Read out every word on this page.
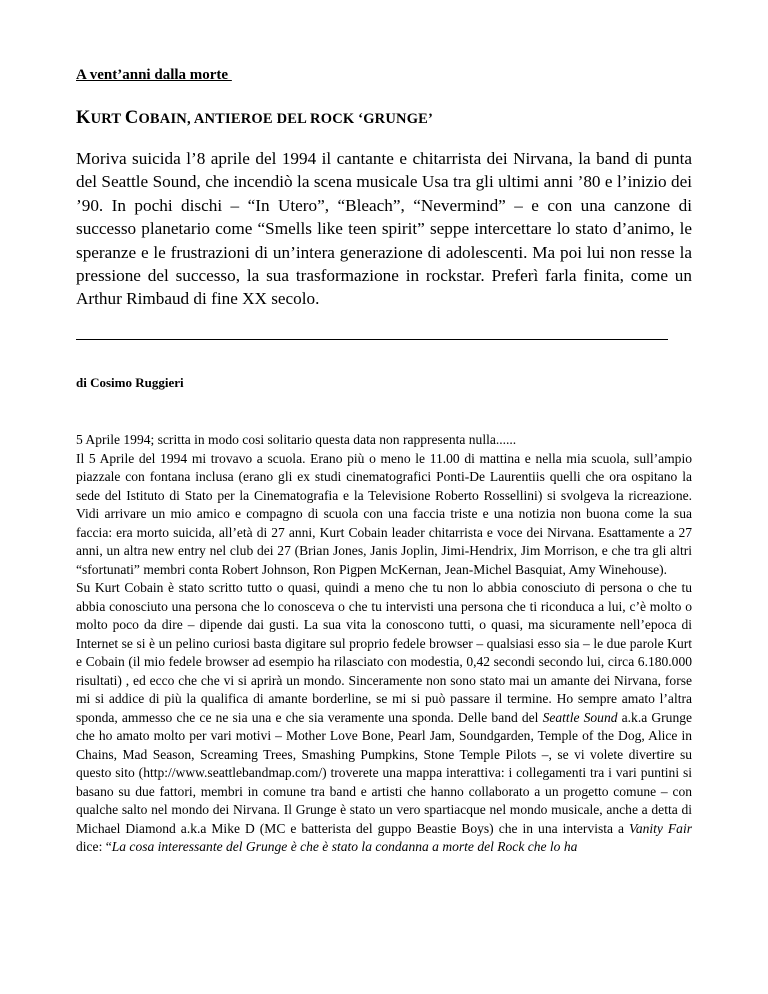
A vent’anni dalla morte
KURT COBAIN, ANTIEROE DEL ROCK ‘GRUNGE’
Moriva suicida l’8 aprile del 1994 il cantante e chitarrista dei Nirvana, la band di punta del Seattle Sound, che incendiò la scena musicale Usa tra gli ultimi anni ’80 e l’inizio dei ’90. In pochi dischi – “In Utero”, “Bleach”, “Nevermind” – e con una canzone di successo planetario come “Smells like teen spirit” seppe intercettare lo stato d’animo, le speranze e le frustrazioni di un’intera generazione di adolescenti. Ma poi lui non resse la pressione del successo, la sua trasformazione in rockstar. Preferì farla finita, come un Arthur Rimbaud di fine XX secolo.
di Cosimo Ruggieri

5 Aprile 1994; scritta in modo cosi solitario questa data non rappresenta nulla......

Il 5 Aprile del 1994 mi trovavo a scuola. Erano più o meno le 11.00 di mattina e nella mia scuola, sull’ampio piazzale con fontana inclusa (erano gli ex studi cinematografici Ponti-De Laurentiis quelli che ora ospitano la sede del Istituto di Stato per la Cinematografia e la Televisione Roberto Rossellini) si svolgeva la ricreazione. Vidi arrivare un mio amico e compagno di scuola con una faccia triste e una notizia non buona come la sua faccia: era morto suicida, all’età di 27 anni, Kurt Cobain leader chitarrista e voce dei Nirvana. Esattamente a 27 anni, un altra new entry nel club dei 27 (Brian Jones, Janis Joplin, Jimi-Hendrix, Jim Morrison, e che tra gli altri “sfortunati” membri conta Robert Johnson, Ron Pigpen McKernan, Jean-Michel Basquiat, Amy Winehouse).

Su Kurt Cobain è stato scritto tutto o quasi, quindi a meno che tu non lo abbia conosciuto di persona o che tu abbia conosciuto una persona che lo conosceva o che tu intervisti una persona che ti riconduca a lui, c’è molto o molto poco da dire – dipende dai gusti. La sua vita la conoscono tutti, o quasi, ma sicuramente nell’epoca di Internet se si è un pelino curiosi basta digitare sul proprio fedele browser – qualsiasi esso sia – le due parole Kurt e Cobain (il mio fedele browser ad esempio ha rilasciato con modestia, 0,42 secondi secondo lui, circa 6.180.000 risultati) , ed ecco che che vi si aprirà un mondo. Sinceramente non sono stato mai un amante dei Nirvana, forse mi si addice di più la qualifica di amante borderline, se mi si può passare il termine. Ho sempre amato l’altra sponda, ammesso che ce ne sia una e che sia veramente una sponda. Delle band del Seattle Sound a.k.a Grunge che ho amato molto per vari motivi – Mother Love Bone, Pearl Jam, Soundgarden, Temple of the Dog, Alice in Chains, Mad Season, Screaming Trees, Smashing Pumpkins, Stone Temple Pilots –, se vi volete divertire su questo sito (http://www.seattlebandmap.com/) troverete una mappa interattiva: i collegamenti tra i vari puntini si basano su due fattori, membri in comune tra band e artisti che hanno collaborato a un progetto comune – con qualche salto nel mondo dei Nirvana. Il Grunge è stato un vero spartiacque nel mondo musicale, anche a detta di Michael Diamond a.k.a Mike D (MC e batterista del guppo Beastie Boys) che in una intervista a Vanity Fair dice: “La cosa interessante del Grunge è che è stato la condanna a morte del Rock che lo ha
